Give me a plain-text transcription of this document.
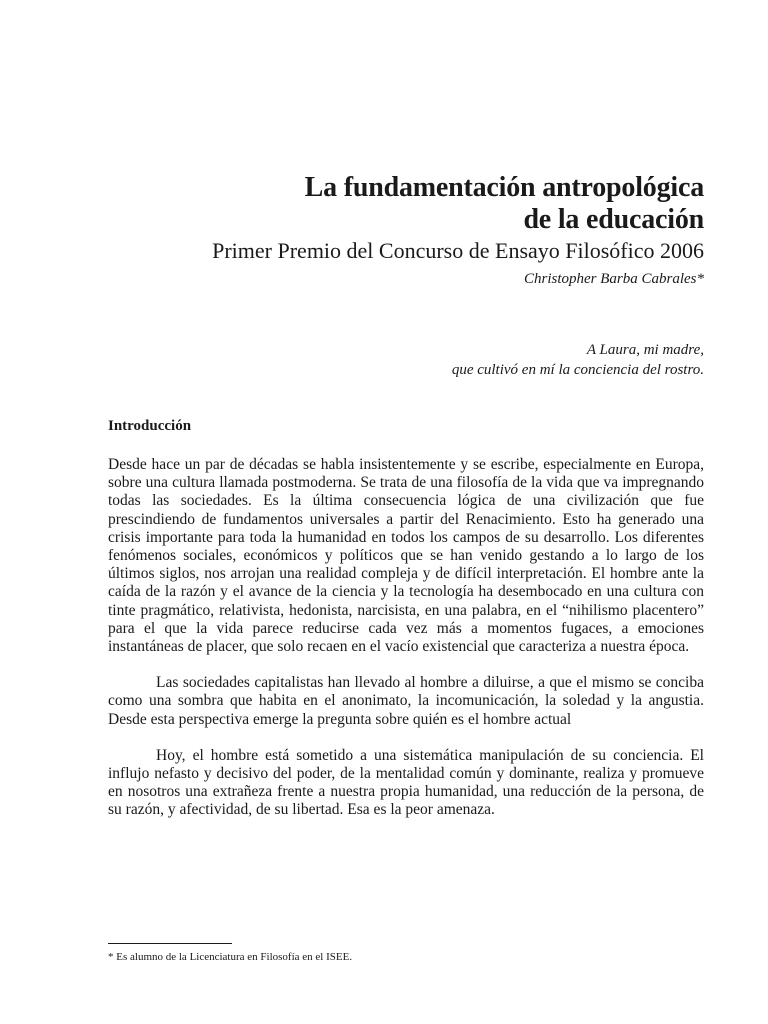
La fundamentación antropológica
de la educación
Primer Premio del Concurso de Ensayo Filosófico 2006
Christopher Barba Cabrales*
A Laura, mi madre,
que cultivó en mí la conciencia del rostro.
Introducción

Desde hace un par de décadas se habla insistentemente y se escribe, especialmente en Europa, sobre una cultura llamada postmoderna. Se trata de una filosofía de la vida que va impregnando todas las sociedades. Es la última consecuencia lógica de una civilización que fue prescindiendo de fundamentos universales a partir del Renacimiento. Esto ha generado una crisis importante para toda la humanidad en todos los campos de su desarrollo. Los diferentes fenómenos sociales, económicos y políticos que se han venido gestando a lo largo de los últimos siglos, nos arrojan una realidad compleja y de difícil interpretación. El hombre ante la caída de la razón y el avance de la ciencia y la tecnología ha desembocado en una cultura con tinte pragmático, relativista, hedonista, narcisista, en una palabra, en el “nihilismo placentero” para el que la vida parece reducirse cada vez más a momentos fugaces, a emociones instantáneas de placer, que solo recaen en el vacío existencial que caracteriza a nuestra época.

Las sociedades capitalistas han llevado al hombre a diluirse, a que el mismo se conciba como una sombra que habita en el anonimato, la incomunicación, la soledad y la angustia. Desde esta perspectiva emerge la pregunta sobre quién es el hombre actual

Hoy, el hombre está sometido a una sistemática manipulación de su conciencia. El influjo nefasto y decisivo del poder, de la mentalidad común y dominante, realiza y promueve en nosotros una extrañeza frente a nuestra propia humanidad, una reducción de la persona, de su razón, y afectividad, de su libertad. Esa es la peor amenaza.

* Es alumno de la Licenciatura en Filosofía en el ISEE.
